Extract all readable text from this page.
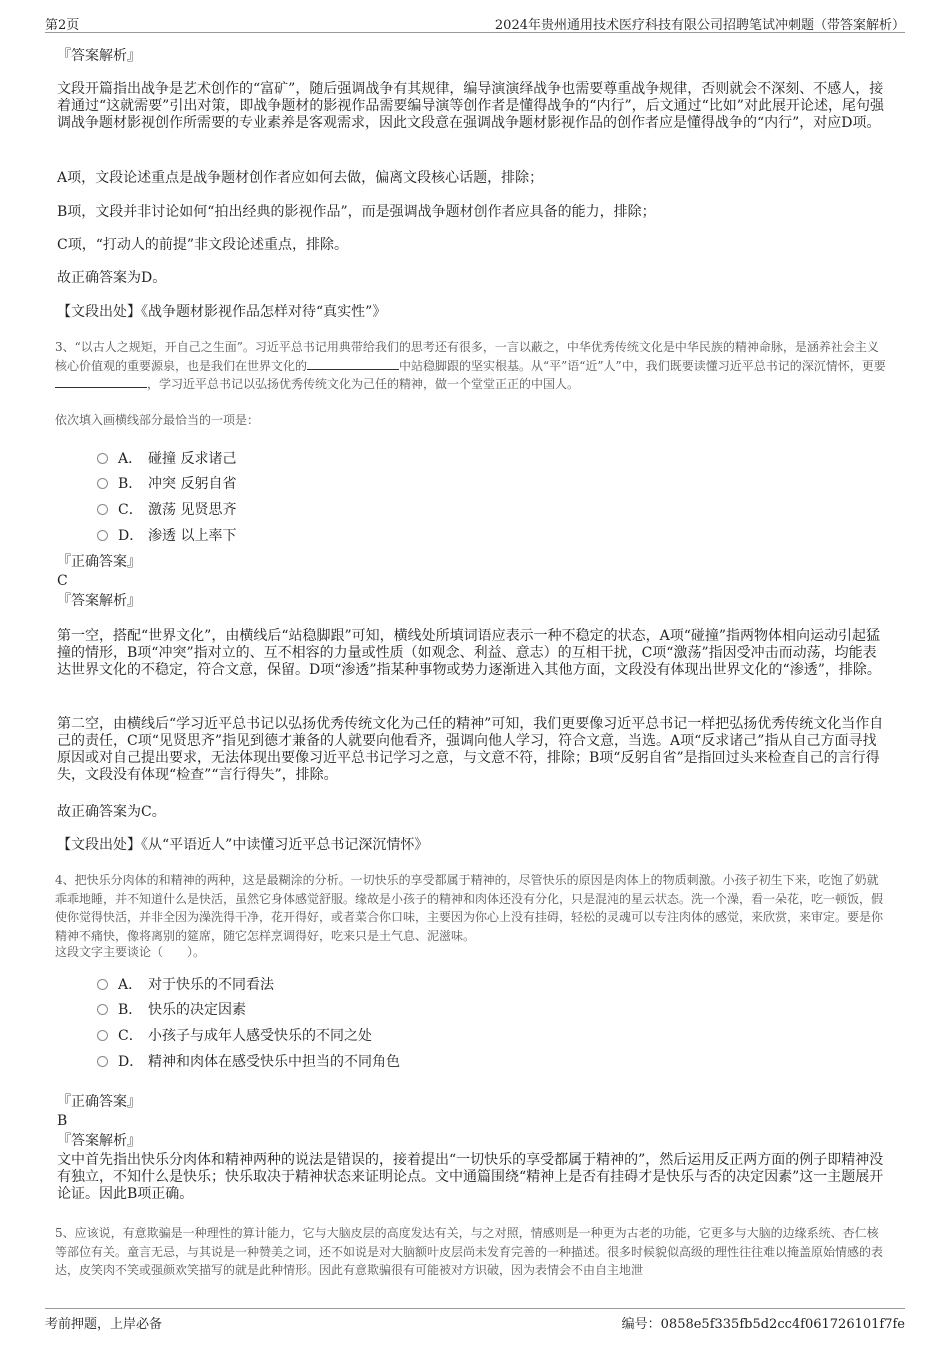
第2页	2024年贵州通用技术医疗科技有限公司招聘笔试冲刺题（带答案解析）
『答案解析』
文段开篇指出战争是艺术创作的“富矿”，随后强调战争有其规律，编导演演绎战争也需要尊重战争规律，否则就会不深刻、不感人，接着通过“这就需要”引出对策，即战争题材的影视作品需要编导演等创作者是懂得战争的“内行”，后文通过“比如”对此展开论述，尾句强调战争题材影视创作所需要的专业素养是客观需求，因此文段意在强调战争题材影视作品的创作者应是懂得战争的“内行”，对应D项。
A项，文段论述重点是战争题材创作者应如何去做，偏离文段核心话题，排除；
B项，文段并非讨论如何“拍出经典的影视作品”，而是强调战争题材创作者应具备的能力，排除；
C项，“打动人的前提”非文段论述重点，排除。
故正确答案为D。
【文段出处】《战争题材影视作品怎样对待“真实性”》
3、“以古人之规矩，开自己之生面”。习近平总书记用典带给我们的思考还有很多，一言以蔽之，中华优秀传统文化是中华民族的精神命脉，是涵养社会主义核心价值观的重要源泉，也是我们在世界文化的	中站稳脚跟的坚实根基。从“平”语“近”人”中，我们既要读懂习近平总书记的深沉情怀，更要，学习近平总书记以弘扬优秀传统文化为己任的精神，做一个堂堂正正的中国人。
依次填入画横线部分最恰当的一项是：
A． 碰撞 反求诸己
B． 冲突 反躬自省
C． 激荡 见贤思齐
D． 渗透 以上率下
『正确答案』
C
『答案解析』
第一空，搭配“世界文化”，由横线后“站稳脚跟”可知，横线处所填词语应表示一种不稳定的状态，A项“碰撞”指两物体相向运动引起猛撞的情形，B项“冲突”指对立的、互不相容的力量或性质（如观念、利益、意志）的互相干扰，C项“激荡”指因受冲击而动荡，均能表达世界文化的不稳定，符合文意，保留。D项“渗透”指某种事物或势力逐渐进入其他方面，文段没有体现出世界文化的“渗透”，排除。
第二空，由横线后“学习近平总书记以弘扬优秀传统文化为己任的精神”可知，我们更要像习近平总书记一样把弘扬优秀传统文化当作自己的责任，C项“见贤思齐”指见到德才兼备的人就要向他看齐，强调向他人学习，符合文意，当选。A项“反求诸己”指从自己方面寻找原因或对自己提出要求，无法体现出要像习近平总书记学习之意，与文意不符，排除；B项“反躬自省”是指回过头来检查自己的言行得失，文段没有体现“检查”“言行得失”，排除。
故正确答案为C。
【文段出处】《从“平语近人”中读懂习近平总书记深沉情怀》
4、把快乐分肉体的和精神的两种，这是最糊涂的分析。一切快乐的享受都属于精神的，尽管快乐的原因是肉体上的物质刺激。小孩子初生下来，吃饱了奶就乖乖地睡，并不知道什么是快活，虽然它身体感觉舒服。缘故是小孩子的精神和肉体还没有分化，只是混沌的星云状态。洗一个澡，看一朵花，吃一顿饭，假使你觉得快活，并非全因为澡洗得干净，花开得好，或者菜合你口味，主要因为你心上没有挂碍，轻松的灵魂可以专注肉体的感觉，来欣赏，来审定。要是你精神不痛快，像将离别的筵席，随它怎样烹调得好，吃来只是土气息、泥滋味。
这段文字主要谈论（　　）。
A． 对于快乐的不同看法
B． 快乐的决定因素
C． 小孩子与成年人感受快乐的不同之处
D． 精神和肉体在感受快乐中担当的不同角色
『正确答案』
B
『答案解析』
文中首先指出快乐分肉体和精神两种的说法是错误的，接着提出“一切快乐的享受都属于精神的”，然后运用反正两方面的例子即精神没有独立，不知什么是快乐；快乐取决于精神状态来证明论点。文中通篇围绕“精神上是否有挂碍才是快乐与否的决定因素”这一主题展开论证。因此B项正确。
5、应该说，有意欺骗是一种理性的算计能力，它与大脑皮层的高度发达有关，与之对照，情感则是一种更为古老的功能，它更多与大脑的边缘系统、杏仁核等部位有关。童言无忌，与其说是一种赞美之词，还不如说是对大脑额叶皮层尚未发育完善的一种描述。很多时候貌似高级的理性往往难以掩盖原始情感的表达，皮笑肉不笑或强颜欢笑描写的就是此种情形。因此有意欺骗很有可能被对方识破，因为表情会不由自主地泄
考前押题，上岸必备	编号：0858e5f335fb5d2cc4f061726101f7fe
